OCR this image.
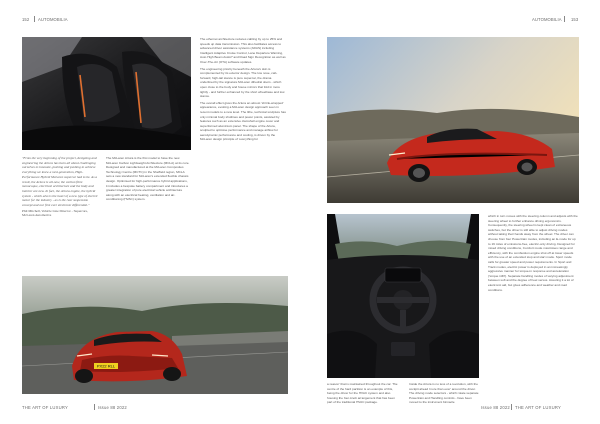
152 AUTOMOBILIA	AUTOMOBILIA 153
"From the very beginning of the project, designing and engineering the Artura has been all about challenging ourselves to innovate, pushing and pushing to achieve everything we knew a next-generation, High-Performance Hybrid McLaren supercar had to be. As a result, the Artura is all-new, the carbon fibre monocoque, electrical architecture and the body and interior are new. In fact, the Artura engine, the hybrid system - which also is the heart of a new type of electric motor for the industry - as is the rear suspension concept and our first ever electronic differential."
Phil Mitchell, Vehicle Line Director - Supercars, McLaren Automotive

The McLaren Artura is the first model to have the new McLaren Carbon Lightweight Architecture (MCLA) at its core. Designed and manufactured at the McLaren Composites Technology Centre (MCTC) in the Sheffield region, MCLA sets a new standard for McLaren's extended flexible chassis design. Optimised for high-performance hybrid applications, it includes a bespoke battery compartment and introduces a greater integration of pure electrical vehicle architecture along with an electrical heating, ventilation and air-conditioning (HVAC) system.

The ethernet architecture reduces cabling by up to 25% and speeds up data transmission. This also facilitates access to advanced driver assistance systems (ADAS) including Intelligent Adaptive Cruise Control, Lane Departure Warning, Auto High Beam Assist* and Road Sign Recognition as well as Over-The-Air (OTA) software updates.

The engineering priority beneath the Artura's skin is complemented by its exterior design. The low nose, cab-forward, high-tail stance is pure supercar, the drama underlined by the signature McLaren dihedral doors - which open close to the body and house mirrors that fold in more tightly - and further enhanced by the short wheelbase and low stance.

The overall effect gives the Artura an almost 'shrink-wrapped' appearance, evoking a McLaren design approach seen in recent models to a new level. The lithe, technical sculpture has only minimal body shutlines and power points, assisted by features such as an extensive clamshell engine cover and superformed aluminium panel. The shape of the Artura, sculpted to optimise performance and manage airflow for aerodynamic performance and cooling, is driven by the McLaren design principle of 'everything for

PX22 RLL

a reason' that is maintained throughout the car. The centre of the hard partition is an example of this, being the driver for the HVAC system and also housing the four-knob arrangement that has been part of the traditional HVAC package.

Inside the Artura is no less of a revolution, with the cockpit ahead 'more than ever' around the driver. The driving mode selectors - which rotate separate Powertrain and Handling controls - have been moved to the instrument binnacle

which in turn moves with the steering column and adjusts with the steering wheel to further enhance driving ergonomics. Consequently, the steering wheel is kept clean of extraneous switches, but the driver is still able to adjust driving modes without taking their hands away from the wheel. The driver can choose from four Powertrain modes, including an E-mode for up to 19 miles of emissions-free, electric-only driving. Designed for mixed driving conditions, Comfort mode maximises range and efficiency, with the combustion engine shut off at lower speeds with the use of an extended stop and start mode. Sport mode calls for greater speed and power requirements. In Sport and Track modes, electric power is deployed in an increasingly aggressive manner for torque-in response and acceleration ('torque infill'). Separate handling modes of varying adjustment between soft and the degree of heel versus. Assuring it a lot of electronic aid, but gives adherence and weather and road conditions.

THE ART OF LUXURY	Issue 88 2022	Issue 88 2022 THE ART OF LUXURY
